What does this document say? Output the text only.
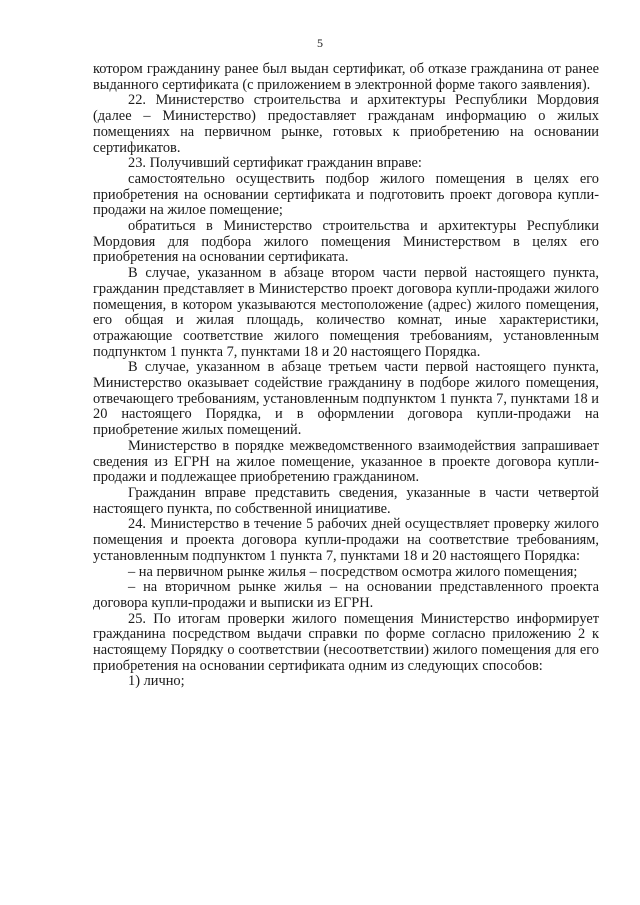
5

котором гражданину ранее был выдан сертификат, об отказе гражданина от ранее выданного сертификата (с приложением в электронной форме такого заявления).

22. Министерство строительства и архитектуры Республики Мордовия (далее – Министерство) предоставляет гражданам информацию о жилых помещениях на первичном рынке, готовых к приобретению на основании сертификатов.

23. Получивший сертификат гражданин вправе:

самостоятельно осуществить подбор жилого помещения в целях его приобретения на основании сертификата и подготовить проект договора купли-продажи на жилое помещение;

обратиться в Министерство строительства и архитектуры Республики Мордовия для подбора жилого помещения Министерством в целях его приобретения на основании сертификата.

В случае, указанном в абзаце втором части первой настоящего пункта, гражданин представляет в Министерство проект договора купли-продажи жилого помещения, в котором указываются местоположение (адрес) жилого помещения, его общая и жилая площадь, количество комнат, иные характеристики, отражающие соответствие жилого помещения требованиям, установленным подпунктом 1 пункта 7, пунктами 18 и 20 настоящего Порядка.

В случае, указанном в абзаце третьем части первой настоящего пункта, Министерство оказывает содействие гражданину в подборе жилого помещения, отвечающего требованиям, установленным подпунктом 1 пункта 7, пунктами 18 и 20 настоящего Порядка, и в оформлении договора купли-продажи на приобретение жилых помещений.

Министерство в порядке межведомственного взаимодействия запрашивает сведения из ЕГРН на жилое помещение, указанное в проекте договора купли-продажи и подлежащее приобретению гражданином.

Гражданин вправе представить сведения, указанные в части четвертой настоящего пункта, по собственной инициативе.

24. Министерство в течение 5 рабочих дней осуществляет проверку жилого помещения и проекта договора купли-продажи на соответствие требованиям, установленным подпунктом 1 пункта 7, пунктами 18 и 20 настоящего Порядка:

– на первичном рынке жилья – посредством осмотра жилого помещения;

– на вторичном рынке жилья – на основании представленного проекта договора купли-продажи и выписки из ЕГРН.

25. По итогам проверки жилого помещения Министерство информирует гражданина посредством выдачи справки по форме согласно приложению 2 к настоящему Порядку о соответствии (несоответствии) жилого помещения для его приобретения на основании сертификата одним из следующих способов:

1) лично;
